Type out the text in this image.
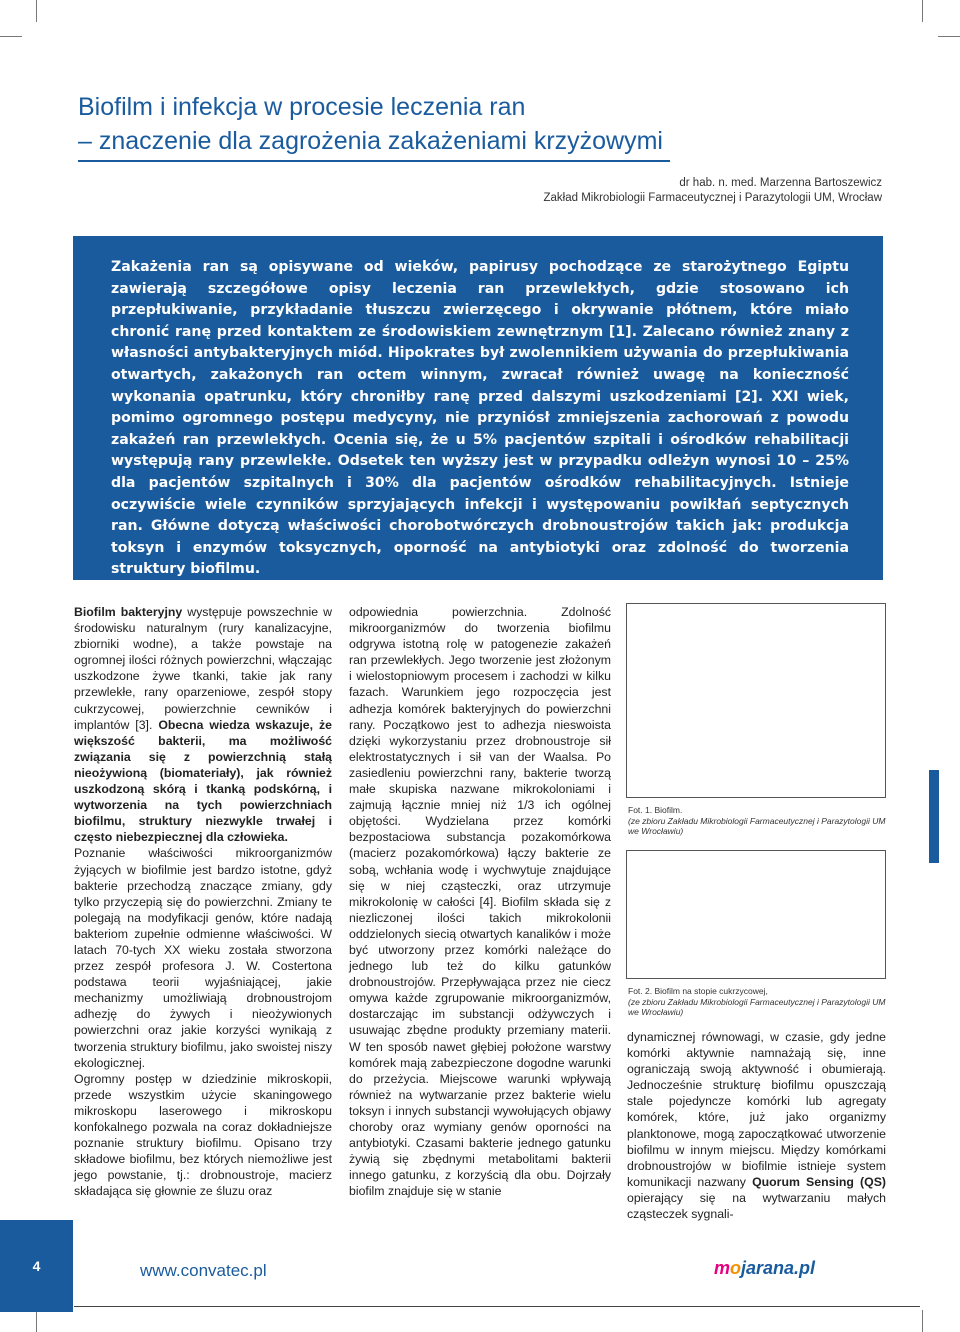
Biofilm i infekcja w procesie leczenia ran
– znaczenie dla zagrożenia zakażeniami krzyżowymi
dr hab. n. med. Marzenna Bartoszewicz
Zakład Mikrobiologii Farmaceutycznej i Parazytologii UM, Wrocław

Zakażenia ran są opisywane od wieków, papirusy pochodzące ze starożytnego Egiptu zawierają szczegółowe opisy leczenia ran przewlekłych, gdzie stosowano ich przepłukiwanie, przykładanie tłuszczu zwierzęcego i okrywanie płótnem, które miało chronić ranę przed kontaktem ze środowiskiem zewnętrznym [1]. Zalecano również znany z własności antybakteryjnych miód. Hipokrates był zwolennikiem używania do przepłukiwania otwartych, zakażonych ran octem winnym, zwracał również uwagę na konieczność wykonania opatrunku, który chroniłby ranę przed dalszymi uszkodzeniami [2]. XXI wiek, pomimo ogromnego postępu medycyny, nie przyniósł zmniejszenia zachorowań z powodu zakażeń ran przewlekłych. Ocenia się, że u 5% pacjentów szpitali i ośrodków rehabilitacji występują rany przewlekłe. Odsetek ten wyższy jest w przypadku odleżyn wynosi 10 – 25% dla pacjentów szpitalnych i 30% dla pacjentów ośrodków rehabilitacyjnych. Istnieje oczywiście wiele czynników sprzyjających infekcji i występowaniu powikłań septycznych ran. Główne dotyczą właściwości chorobotwórczych drobnoustrojów takich jak: produkcja toksyn i enzymów toksycznych, oporność na antybiotyki oraz zdolność do tworzenia struktury biofilmu.

Biofilm bakteryjny występuje powszechnie w środowisku naturalnym (rury kanalizacyjne, zbiorniki wodne), a także powstaje na ogromnej ilości różnych powierzchni, włączając uszkodzone żywe tkanki, takie jak rany przewlekłe, rany oparzeniowe, zespół stopy cukrzycowej, powierzchnie cewników i implantów [3]. Obecna wiedza wskazuje, że większość bakterii, ma możliwość związania się z powierzchnią stałą nieożywioną (biomateriały), jak również uszkodzoną skórą i tkanką podskórną, i wytworzenia na tych powierzchniach biofilmu, struktury niezwykle trwałej i często niebezpiecznej dla człowieka.

Poznanie właściwości mikroorganizmów żyjących w biofilmie jest bardzo istotne, gdyż bakterie przechodzą znaczące zmiany, gdy tylko przyczepią się do powierzchni. Zmiany te polegają na modyfikacji genów, które nadają bakteriom zupełnie odmienne właściwości. W latach 70-tych XX wieku została stworzona przez zespół profesora J. W. Costertona podstawa teorii wyjaśniającej, jakie mechanizmy umożliwiają drobnoustrojom adhezję do żywych i nieożywionych powierzchni oraz jakie korzyści wynikają z tworzenia struktury biofilmu, jako swoistej niszy ekologicznej.

Ogromny postęp w dziedzinie mikroskopii, przede wszystkim użycie skaningowego mikroskopu laserowego i mikroskopu konfokalnego pozwala na coraz dokładniejsze poznanie struktury biofilmu. Opisano trzy składowe biofilmu, bez których niemożliwe jest jego powstanie, tj.: drobnoustroje, macierz składająca się głownie ze śluzu oraz

odpowiednia powierzchnia. Zdolność mikroorganizmów do tworzenia biofilmu odgrywa istotną rolę w patogenezie zakażeń ran przewlekłych. Jego tworzenie jest złożonym i wielostopniowym procesem i zachodzi w kilku fazach. Warunkiem jego rozpoczęcia jest adhezja komórek bakteryjnych do powierzchni rany. Początkowo jest to adhezja nieswoista dzięki wykorzystaniu przez drobnoustroje sił elektrostatycznych i sił van der Waalsa. Po zasiedleniu powierzchni rany, bakterie tworzą małe skupiska nazwane mikrokoloniami i zajmują łącznie mniej niż 1/3 ich ogólnej objętości. Wydzielana przez komórki bezpostaciowa substancja pozakomórkowa (macierz pozakomórkowa) łączy bakterie ze sobą, wchłania wodę i wychwytuje znajdujące się w niej cząsteczki, oraz utrzymuje mikrokolonię w całości [4]. Biofilm składa się z niezliczonej ilości takich mikrokolonii oddzielonych siecią otwartych kanalików i może być utworzony przez komórki należące do jednego lub też do kilku gatunków drobnoustrojów. Przepływająca przez nie ciecz omywa każde zgrupowanie mikroorganizmów, dostarczając im substancji odżywczych i usuwając zbędne produkty przemiany materii. W ten sposób nawet głębiej położone warstwy komórek mają zabezpieczone dogodne warunki do przeżycia. Miejscowe warunki wpływają również na wytwarzanie przez bakterie wielu toksyn i innych substancji wywołujących objawy choroby oraz wymiany genów oporności na antybiotyki. Czasami bakterie jednego gatunku żywią się zbędnymi metabolitami bakterii innego gatunku, z korzyścią dla obu. Dojrzały biofilm znajduje się w stanie

Fot. 1. Biofilm.
(ze zbioru Zakładu Mikrobiologii Farmaceutycznej i Parazytologii UM we Wrocławiu)
Fot. 2. Biofilm na stopie cukrzycowej,
(ze zbioru Zakładu Mikrobiologii Farmaceutycznej i Parazytologii UM we Wrocławiu)

dynamicznej równowagi, w czasie, gdy jedne komórki aktywnie namnażają się, inne ograniczają swoją aktywność i obumierają. Jednocześnie strukturę biofilmu opuszczają stale pojedyncze komórki lub agregaty komórek, które, już jako organizmy planktonowe, mogą zapoczątkować utworzenie biofilmu w innym miejscu. Między komórkami drobnoustrojów w biofilmie istnieje system komunikacji nazwany Quorum Sensing (QS) opierający się na wytwarzaniu małych cząsteczek sygnali-

4	www.convatec.pl	mojarana.pl
